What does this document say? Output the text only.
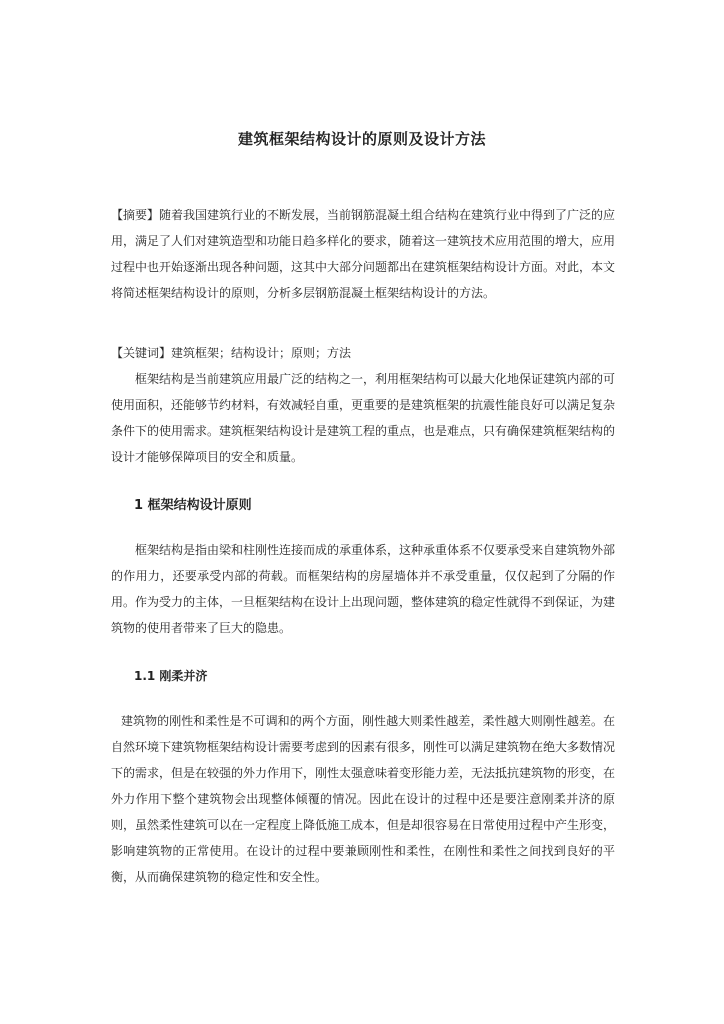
建筑框架结构设计的原则及设计方法

【摘要】随着我国建筑行业的不断发展，当前钢筋混凝土组合结构在建筑行业中得到了广泛的应用，满足了人们对建筑造型和功能日趋多样化的要求，随着这一建筑技术应用范围的增大，应用过程中也开始逐渐出现各种问题，这其中大部分问题都出在建筑框架结构设计方面。对此，本文将简述框架结构设计的原则，分析多层钢筋混凝土框架结构设计的方法。

【关键词】建筑框架；结构设计；原则；方法

框架结构是当前建筑应用最广泛的结构之一，利用框架结构可以最大化地保证建筑内部的可使用面积，还能够节约材料，有效减轻自重，更重要的是建筑框架的抗震性能良好可以满足复杂条件下的使用需求。建筑框架结构设计是建筑工程的重点，也是难点，只有确保建筑框架结构的设计才能够保障项目的安全和质量。

1 框架结构设计原则

框架结构是指由梁和柱刚性连接而成的承重体系，这种承重体系不仅要承受来自建筑物外部的作用力，还要承受内部的荷载。而框架结构的房屋墙体并不承受重量，仅仅起到了分隔的作用。作为受力的主体，一旦框架结构在设计上出现问题，整体建筑的稳定性就得不到保证，为建筑物的使用者带来了巨大的隐患。

1.1 刚柔并济

建筑物的刚性和柔性是不可调和的两个方面，刚性越大则柔性越差，柔性越大则刚性越差。在自然环境下建筑物框架结构设计需要考虑到的因素有很多，刚性可以满足建筑物在绝大多数情况下的需求，但是在较强的外力作用下，刚性太强意味着变形能力差，无法抵抗建筑物的形变，在外力作用下整个建筑物会出现整体倾覆的情况。因此在设计的过程中还是要注意刚柔并济的原则，虽然柔性建筑可以在一定程度上降低施工成本，但是却很容易在日常使用过程中产生形变，影响建筑物的正常使用。在设计的过程中要兼顾刚性和柔性，在刚性和柔性之间找到良好的平衡，从而确保建筑物的稳定性和安全性。
